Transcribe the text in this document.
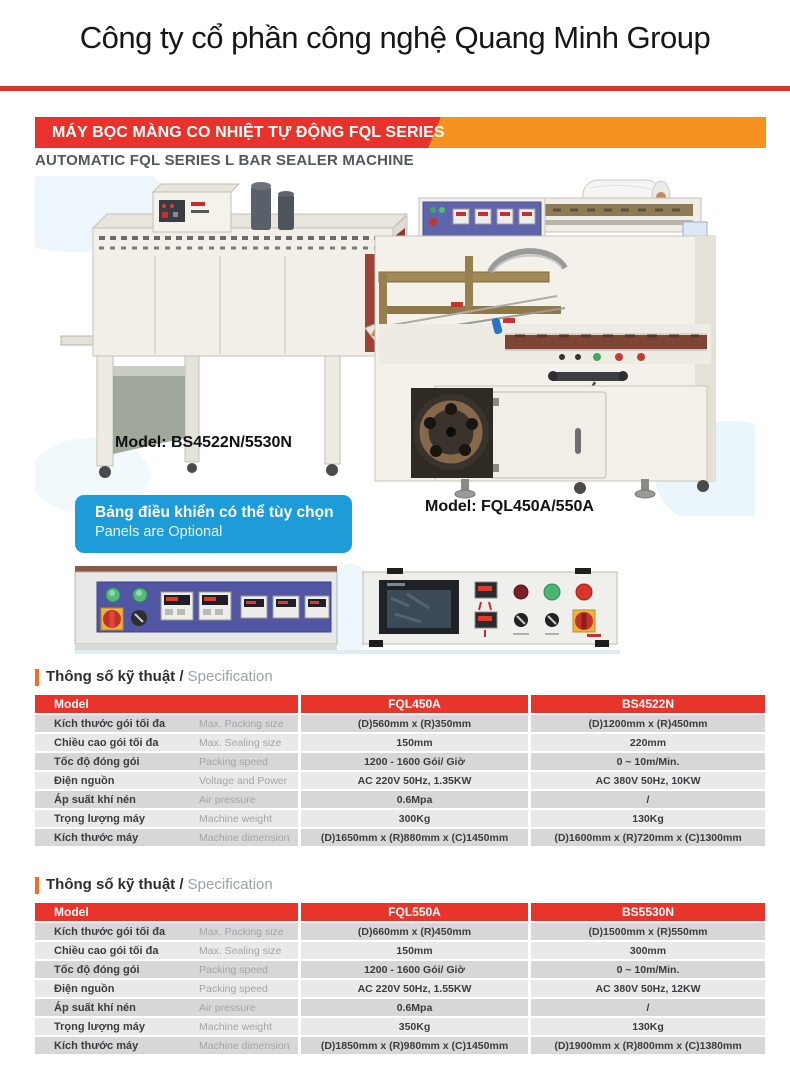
Công ty cổ phần công nghệ Quang Minh Group
MÁY BỌC MÀNG CO NHIỆT TỰ ĐỘNG FQL SERIES
AUTOMATIC FQL SERIES L BAR SEALER MACHINE
Model: BS4522N/5530N
Model: FQL450A/550A
Bảng điều khiển có thể tùy chọn
Panels are Optional
Thông số kỹ thuật / Specification
Model	FQL450A	BS4522N
Kích thước gói tối đa	Max. Packing size	(D)560mm x (R)350mm	(D)1200mm x (R)450mm
Chiều cao gói tối đa	Max. Sealing size	150mm	220mm
Tốc độ đóng gói	Packing speed	1200 - 1600 Gói/ Giờ	0 ~ 10m/Min.
Điện nguồn	Voltage and Power	AC 220V 50Hz, 1.35KW	AC 380V 50Hz, 10KW
Áp suất khí nén	Air pressure	0.6Mpa	/
Trọng lượng máy	Machine weight	300Kg	130Kg
Kích thước máy	Machine dimension	(D)1650mm x (R)880mm x (C)1450mm	(D)1600mm x (R)720mm x (C)1300mm
Thông số kỹ thuật / Specification
Model	FQL550A	BS5530N
Kích thước gói tối đa	Max. Packing size	(D)660mm x (R)450mm	(D)1500mm x (R)550mm
Chiều cao gói tối đa	Max. Sealing size	150mm	300mm
Tốc độ đóng gói	Packing speed	1200 - 1600 Gói/ Giờ	0 ~ 10m/Min.
Điện nguồn	Packing speed	AC 220V 50Hz, 1.55KW	AC 380V 50Hz, 12KW
Áp suất khí nén	Air pressure	0.6Mpa	/
Trọng lượng máy	Machine weight	350Kg	130Kg
Kích thước máy	Machine dimension	(D)1850mm x (R)980mm x (C)1450mm	(D)1900mm x (R)800mm x (C)1380mm
